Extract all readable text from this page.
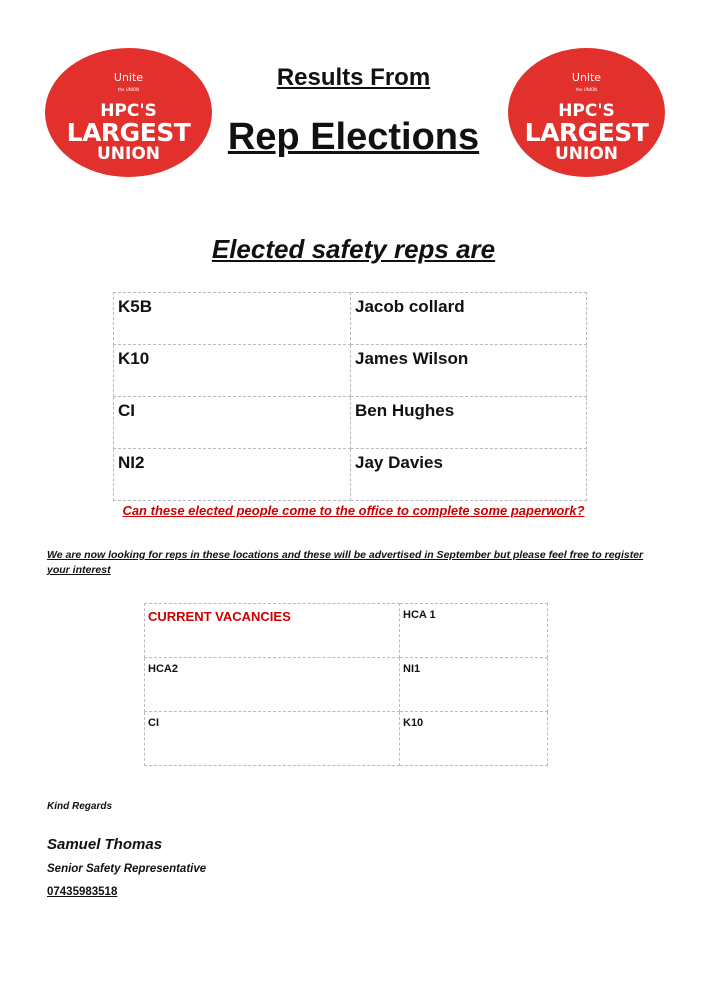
Unite
the UNION
HPC'S
LARGEST
UNION
Unite
the UNION
HPC'S
LARGEST
UNION
Results From
Rep Elections
Elected safety reps are
K5B	Jacob collard
K10	James Wilson
CI	Ben Hughes
NI2	Jay Davies
Can these elected people come to the office to complete some paperwork?
We are now looking for reps in these locations and these will be advertised in September but please feel free to register your interest
CURRENT VACANCIES	HCA 1
HCA2	NI1
CI	K10
Kind Regards
Samuel Thomas
Senior Safety Representative
07435983518
